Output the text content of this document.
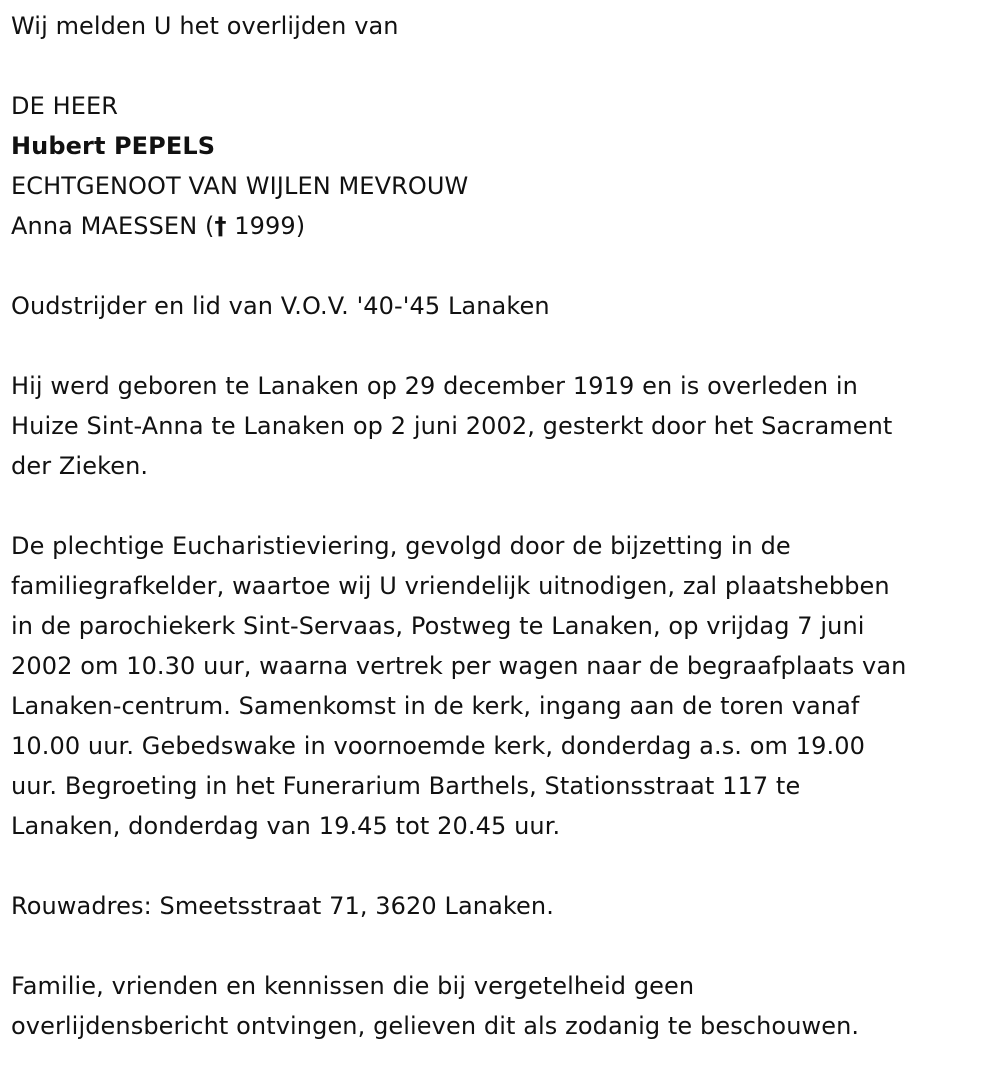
Wij melden U het overlijden van
DE HEER
Hubert PEPELS
ECHTGENOOT VAN WIJLEN MEVROUW
Anna MAESSEN († 1999)
Oudstrijder en lid van V.O.V. '40-'45 Lanaken
Hij werd geboren te Lanaken op 29 december 1919 en is overleden in
Huize Sint-Anna te Lanaken op 2 juni 2002, gesterkt door het Sacrament
der Zieken.
De plechtige Eucharistieviering, gevolgd door de bijzetting in de
familiegrafkelder, waartoe wij U vriendelijk uitnodigen, zal plaatshebben
in de parochiekerk Sint-Servaas, Postweg te Lanaken, op vrijdag 7 juni
2002 om 10.30 uur, waarna vertrek per wagen naar de begraafplaats van
Lanaken-centrum. Samenkomst in de kerk, ingang aan de toren vanaf
10.00 uur. Gebedswake in voornoemde kerk, donderdag a.s. om 19.00
uur. Begroeting in het Funerarium Barthels, Stationsstraat 117 te
Lanaken, donderdag van 19.45 tot 20.45 uur.
Rouwadres: Smeetsstraat 71, 3620 Lanaken.
Familie, vrienden en kennissen die bij vergetelheid geen
overlijdensbericht ontvingen, gelieven dit als zodanig te beschouwen.
